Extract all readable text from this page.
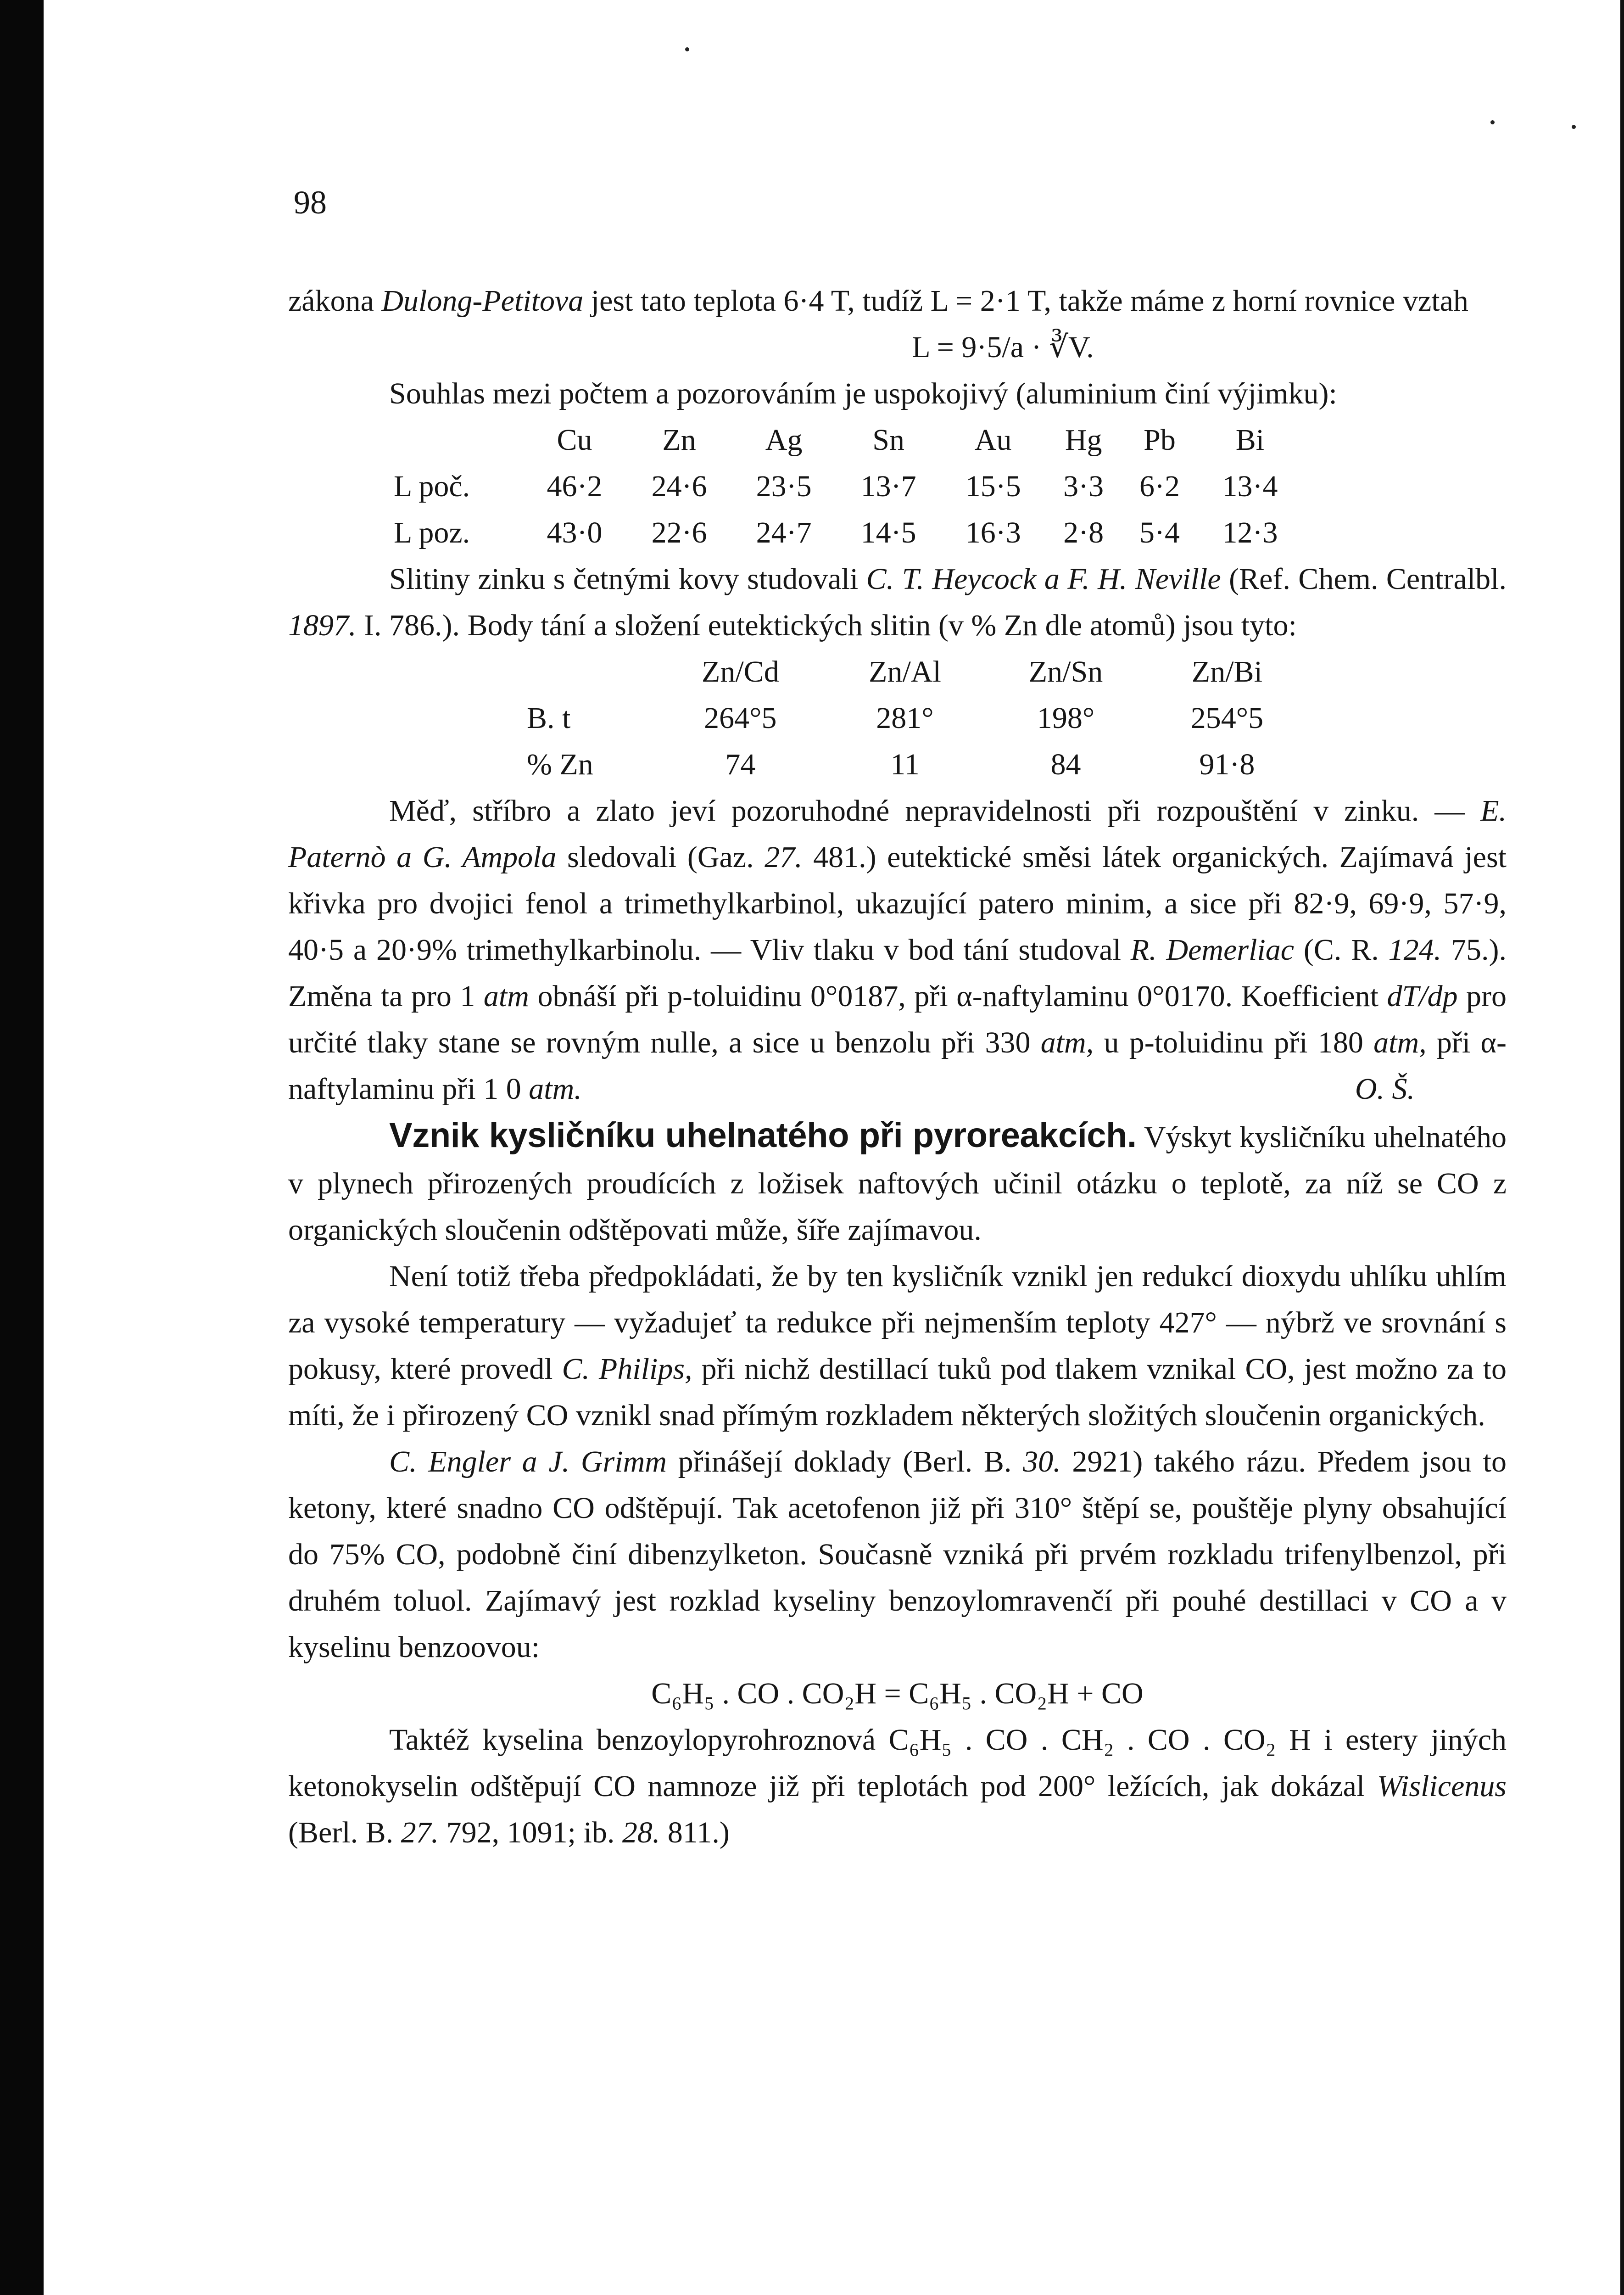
98

zákona Dulong-Petitova jest tato teplota 6·4 T, tudíž L = 2·1 T, takže máme z horní rovnice vztah

L = 9·5/a · ∛V.

Souhlas mezi počtem a pozorováním je uspokojivý (aluminium činí výjimku):

	Cu	Zn	Ag	Sn	Au	Hg	Pb	Bi
L poč.	46·2	24·6	23·5	13·7	15·5	3·3	6·2	13·4
L poz.	43·0	22·6	24·7	14·5	16·3	2·8	5·4	12·3

Slitiny zinku s četnými kovy studovali C. T. Heycock a F. H. Neville (Ref. Chem. Centralbl. 1897. I. 786.). Body tání a složení eutektických slitin (v % Zn dle atomů) jsou tyto:

	Zn/Cd	Zn/Al	Zn/Sn	Zn/Bi
B. t	264°5	281°	198°	254°5
% Zn	74	11	84	91·8

Měď, stříbro a zlato jeví pozoruhodné nepravidelnosti při rozpouštění v zinku. — E. Paternò a G. Ampola sledovali (Gaz. 27. 481.) eutektické směsi látek organických. Zajímavá jest křivka pro dvojici fenol a trimethylkarbinol, ukazující patero minim, a sice při 82·9, 69·9, 57·9, 40·5 a 20·9% trimethylkarbinolu. — Vliv tlaku v bod tání studoval R. Demerliac (C. R. 124. 75.). Změna ta pro 1 atm obnáší při p-toluidinu 0°0187, při α-naftylaminu 0°0170. Koefficient dT/dp pro určité tlaky stane se rovným nulle, a sice u benzolu při 330 atm, u p-toluidinu při 180 atm, při α-naftylaminu při 1 0 atm.	O. Š.

Vznik kysličníku uhelnatého při pyroreakcích. Výskyt kysličníku uhelnatého v plynech přirozených proudících z ložisek naftových učinil otázku o teplotě, za níž se CO z organických sloučenin odštěpovati může, šíře zajímavou.

Není totiž třeba předpokládati, že by ten kysličník vznikl jen redukcí dioxydu uhlíku uhlím za vysoké temperatury — vyžadujeť ta redukce při nejmenším teploty 427° — nýbrž ve srovnání s pokusy, které provedl C. Philips, při nichž destillací tuků pod tlakem vznikal CO, jest možno za to míti, že i přirozený CO vznikl snad přímým rozkladem některých složitých sloučenin organických.

C. Engler a J. Grimm přinášejí doklady (Berl. B. 30. 2921) takého rázu. Předem jsou to ketony, které snadno CO odštěpují. Tak acetofenon již při 310° štěpí se, pouštěje plyny obsahující do 75% CO, podobně činí dibenzylketon. Současně vzniká při prvém rozkladu trifenylbenzol, při druhém toluol. Zajímavý jest rozklad kyseliny benzoylomravenčí při pouhé destillaci v CO a v kyselinu benzoovou:

C₆H₅ . CO . CO₂H = C₆H₅ . CO₂H + CO

Taktéž kyselina benzoylopyrohroznová C₆H₅ . CO . CH₂ . CO . CO₂ H i estery jiných ketonokyselin odštěpují CO namnoze již při teplotách pod 200° ležících, jak dokázal Wislicenus (Berl. B. 27. 792, 1091; ib. 28. 811.)
